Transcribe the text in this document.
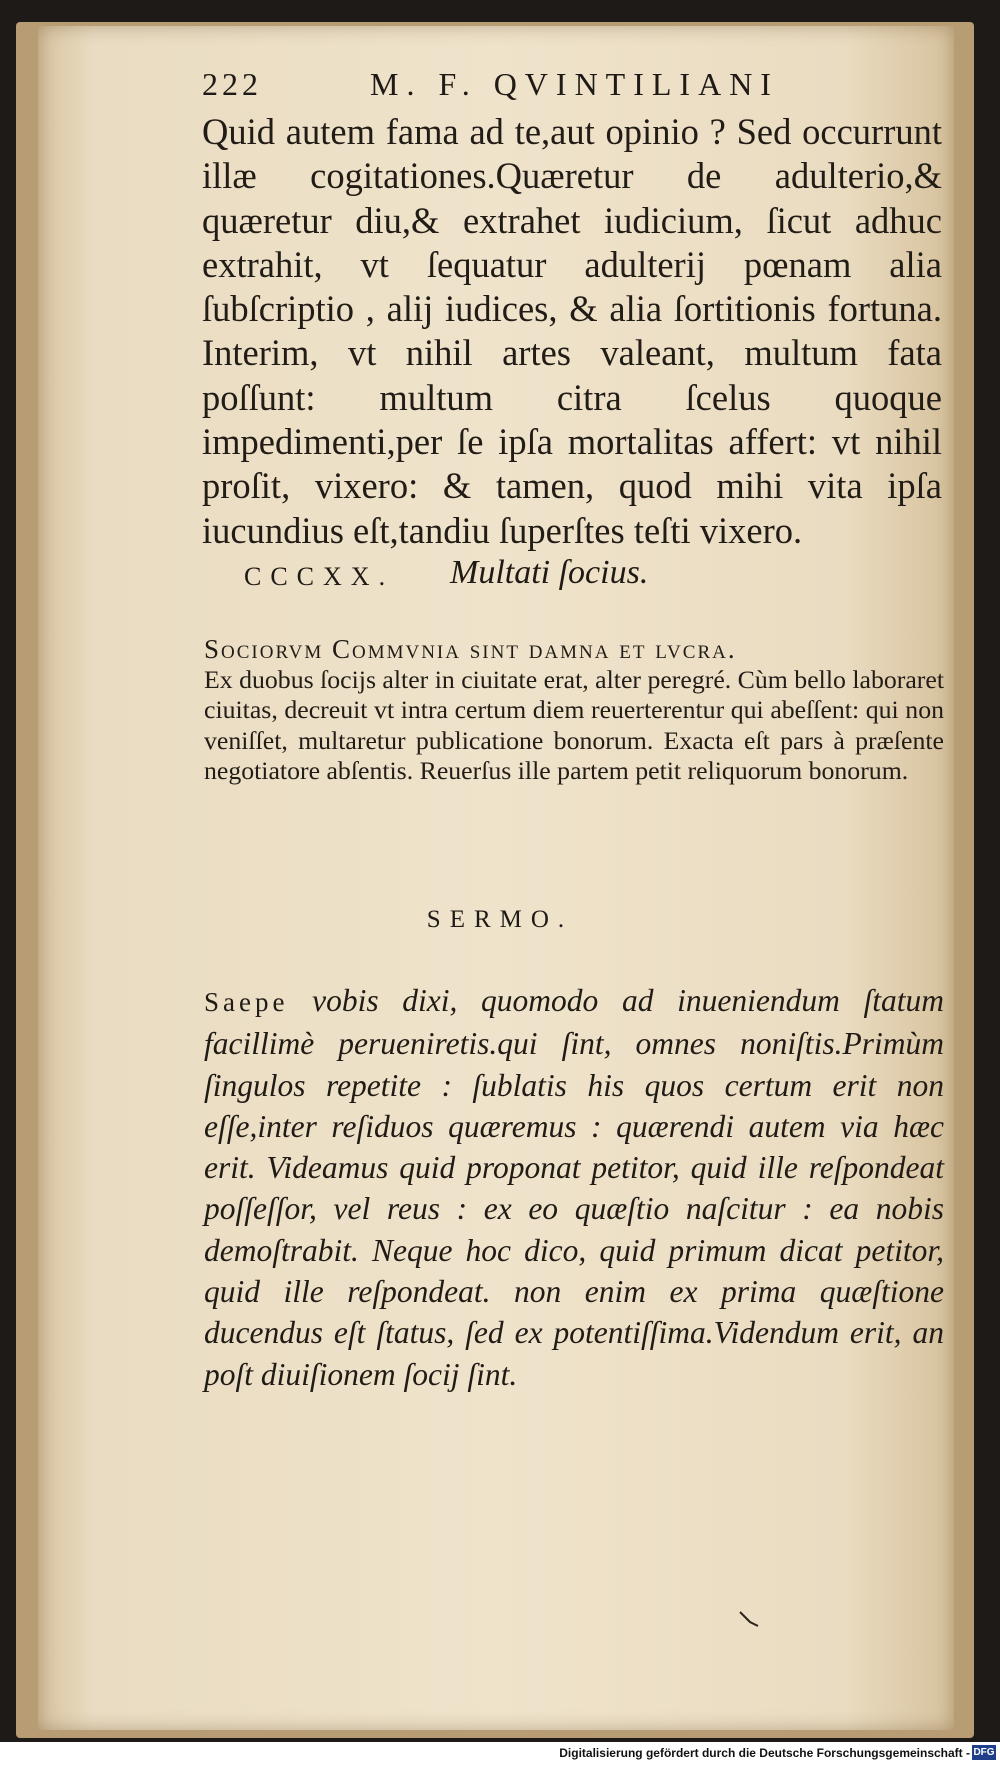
222	M. F. QVINTILIANI

Quid autem fama ad te,aut opinio ? Sed occurrunt illæ cogitationes.Quæretur de adulterio,& quæretur diu,& extrahet iudicium, ſicut adhuc extrahit, vt ſequatur adulterij pœnam alia ſubſcriptio , alij iudices, & alia ſortitionis fortuna. Interim, vt nihil artes valeant, multum fata poſſunt: multum citra ſcelus quoque impedimenti,per ſe ipſa mortalitas affert: vt nihil proſit, vixero: & tamen, quod mihi vita ipſa iucundius eſt,tandiu ſuperſtes teſti vixero.

CCCXX. Multati ſocius.
Sociorvm Commvnia sint damna et lvcra.
Ex duobus ſocijs alter in ciuitate erat, alter peregré. Cùm bello laboraret ciuitas, decreuit vt intra certum diem reuerterentur qui abeſſent: qui non veniſſet, multaretur publicatione bonorum. Exacta eſt pars à præſente negotiatore abſentis. Reuerſus ille partem petit reliquorum bonorum.
SERMO.
Saepe vobis dixi, quomodo ad inueniendum ſtatum facillimè perueniretis.qui ſint, omnes noniſtis.Primùm ſingulos repetite : ſublatis his quos certum erit non eſſe,inter reſiduos quæremus : quærendi autem via hæc erit. Videamus quid proponat petitor, quid ille reſpondeat poſſeſſor, vel reus : ex eo quæſtio naſcitur : ea nobis demoſtrabit. Neque hoc dico, quid primum dicat petitor, quid ille reſpondeat. non enim ex prima quæſtione ducendus eſt ſtatus, ſed ex potentiſſima.Videndum erit, an poſt diuiſionem ſocij ſint.
Digitalisierung gefördert durch die Deutsche Forschungsgemeinschaft - DFG
